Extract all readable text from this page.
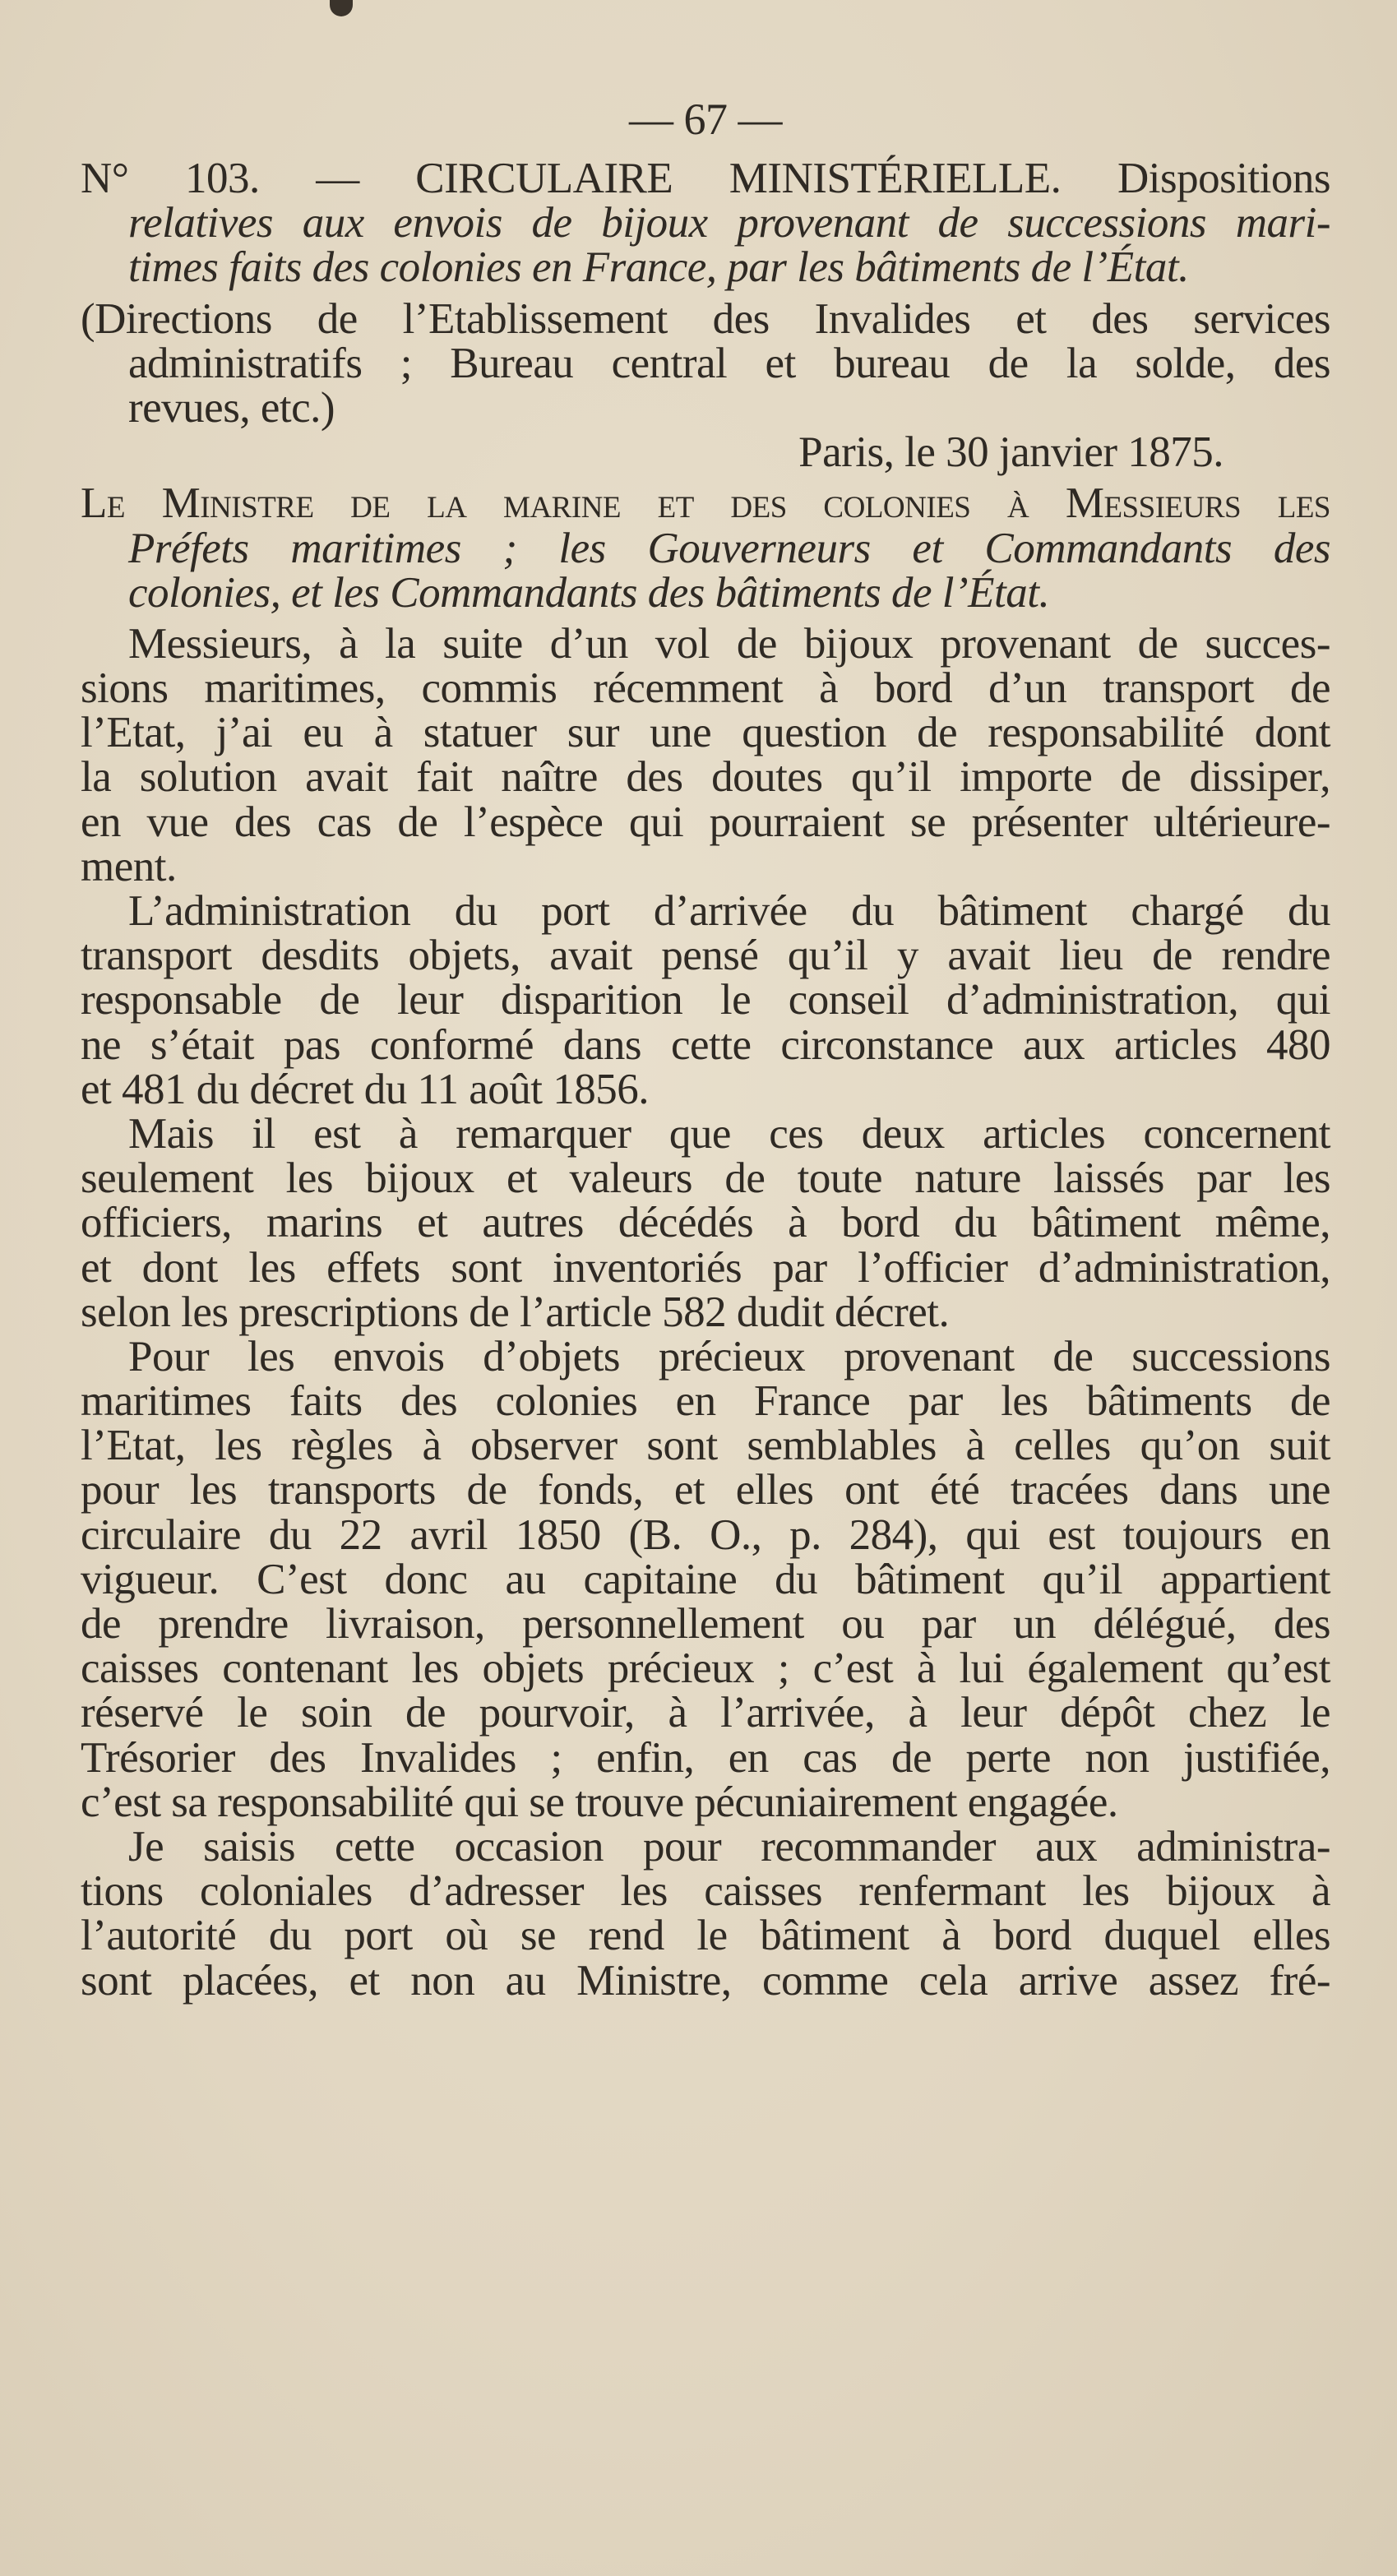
— 67 —
N° 103. — CIRCULAIRE MINISTÉRIELLE. Dispositions
relatives aux envois de bijoux provenant de successions mari-
times faits des colonies en France, par les bâtiments de l’État.
(Directions de l’Etablissement des Invalides et des services
administratifs ; Bureau central et bureau de la solde, des
revues, etc.)
Paris, le 30 janvier 1875.
Le Ministre de la marine et des colonies à Messieurs les
Préfets maritimes ; les Gouverneurs et Commandants des
colonies, et les Commandants des bâtiments de l’État.
Messieurs, à la suite d’un vol de bijoux provenant de succes-
sions maritimes, commis récemment à bord d’un transport de
l’Etat, j’ai eu à statuer sur une question de responsabilité dont
la solution avait fait naître des doutes qu’il importe de dissiper,
en vue des cas de l’espèce qui pourraient se présenter ultérieure-
ment.
L’administration du port d’arrivée du bâtiment chargé du
transport desdits objets, avait pensé qu’il y avait lieu de rendre
responsable de leur disparition le conseil d’administration, qui
ne s’était pas conformé dans cette circonstance aux articles 480
et 481 du décret du 11 août 1856.
Mais il est à remarquer que ces deux articles concernent
seulement les bijoux et valeurs de toute nature laissés par les
officiers, marins et autres décédés à bord du bâtiment même,
et dont les effets sont inventoriés par l’officier d’administration,
selon les prescriptions de l’article 582 dudit décret.
Pour les envois d’objets précieux provenant de successions
maritimes faits des colonies en France par les bâtiments de
l’Etat, les règles à observer sont semblables à celles qu’on suit
pour les transports de fonds, et elles ont été tracées dans une
circulaire du 22 avril 1850 (B. O., p. 284), qui est toujours en
vigueur. C’est donc au capitaine du bâtiment qu’il appartient
de prendre livraison, personnellement ou par un délégué, des
caisses contenant les objets précieux ; c’est à lui également qu’est
réservé le soin de pourvoir, à l’arrivée, à leur dépôt chez le
Trésorier des Invalides ; enfin, en cas de perte non justifiée,
c’est sa responsabilité qui se trouve pécuniairement engagée.
Je saisis cette occasion pour recommander aux administra-
tions coloniales d’adresser les caisses renfermant les bijoux à
l’autorité du port où se rend le bâtiment à bord duquel elles
sont placées, et non au Ministre, comme cela arrive assez fré-
